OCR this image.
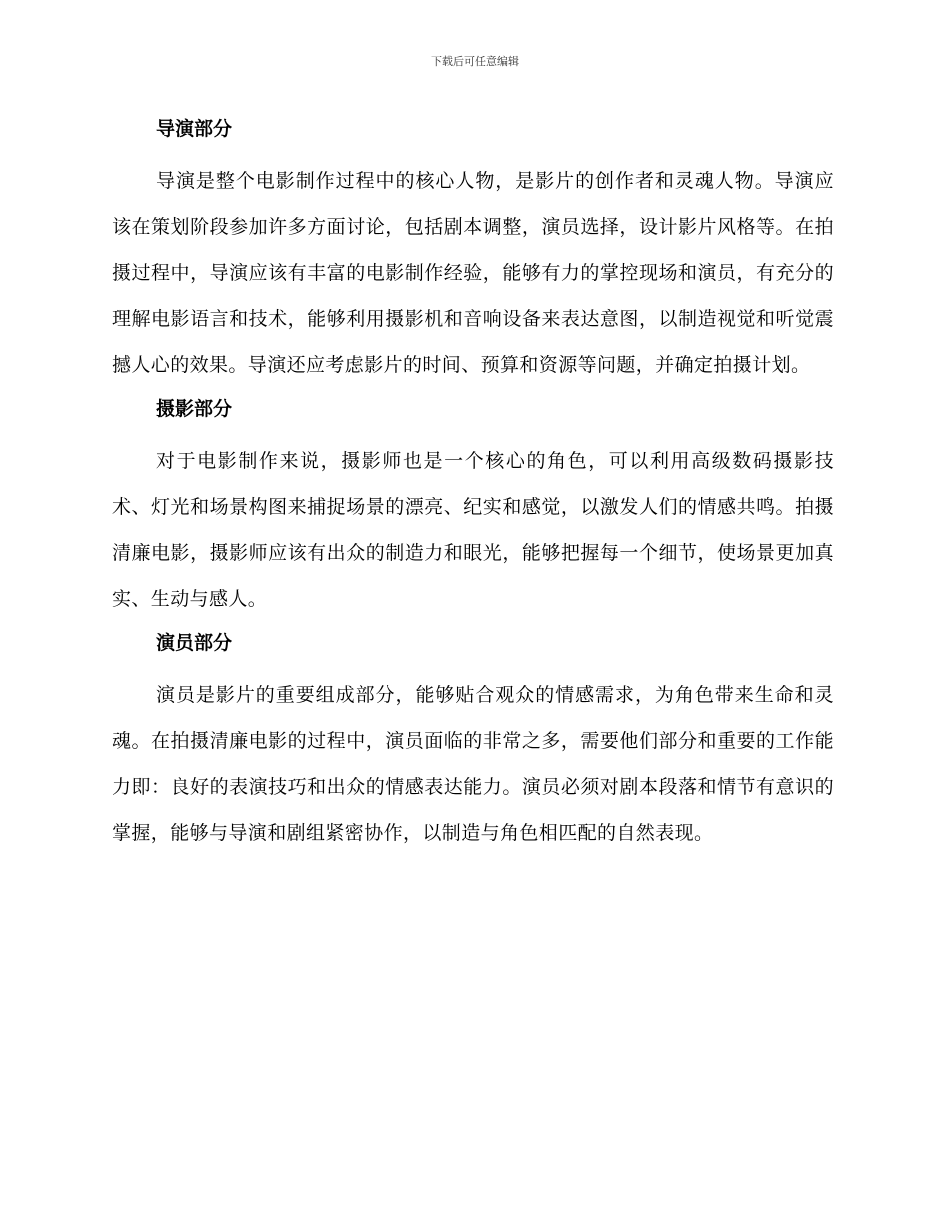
下载后可任意编辑
导演部分

导演是整个电影制作过程中的核心人物，是影片的创作者和灵魂人物。导演应该在策划阶段参加许多方面讨论，包括剧本调整，演员选择，设计影片风格等。在拍摄过程中，导演应该有丰富的电影制作经验，能够有力的掌控现场和演员，有充分的理解电影语言和技术，能够利用摄影机和音响设备来表达意图，以制造视觉和听觉震撼人心的效果。导演还应考虑影片的时间、预算和资源等问题，并确定拍摄计划。

摄影部分

对于电影制作来说，摄影师也是一个核心的角色，可以利用高级数码摄影技术、灯光和场景构图来捕捉场景的漂亮、纪实和感觉，以激发人们的情感共鸣。拍摄清廉电影，摄影师应该有出众的制造力和眼光，能够把握每一个细节，使场景更加真实、生动与感人。

演员部分

演员是影片的重要组成部分，能够贴合观众的情感需求，为角色带来生命和灵魂。在拍摄清廉电影的过程中，演员面临的非常之多，需要他们部分和重要的工作能力即：良好的表演技巧和出众的情感表达能力。演员必须对剧本段落和情节有意识的掌握，能够与导演和剧组紧密协作，以制造与角色相匹配的自然表现。
